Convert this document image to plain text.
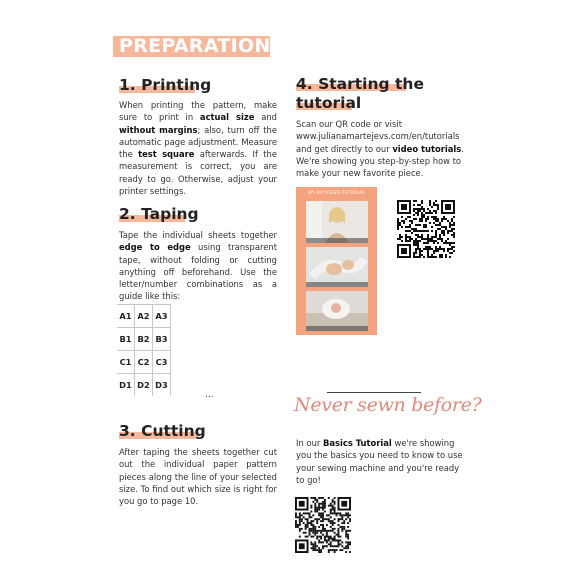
PREPARATION
1. Printing
When printing the pattern, make sure to print in actual size and without margins; also, turn off the automatic page adjustment. Measure the test square afterwards. If the measurement is correct, you are ready to go. Otherwise, adjust your printer settings.
2. Taping
Tape the individual sheets together edge to edge using transparent tape, without folding or cutting anything off beforehand. Use the letter/number combinations as a guide like this:
A1	A2	A3
B1	B2	B3
C1	C2	C3
D1	D2	D3
...
3. Cutting
After taping the sheets together cut out the individual paper pattern pieces along the line of your selected size. To find out which size is right for you go to page 10.
4. Starting the
tutorial
Scan our QR code or visit www.julianamartejevs.com/en/tutorials and get directly to our video tutorials. We're showing you step-by-step how to make your new favorite piece.
MY DIY-VIDEO-TUTORIAL
Never sewn before?
In our Basics Tutorial we're showing you the basics you need to know to use your sewing machine and you're ready to go!
